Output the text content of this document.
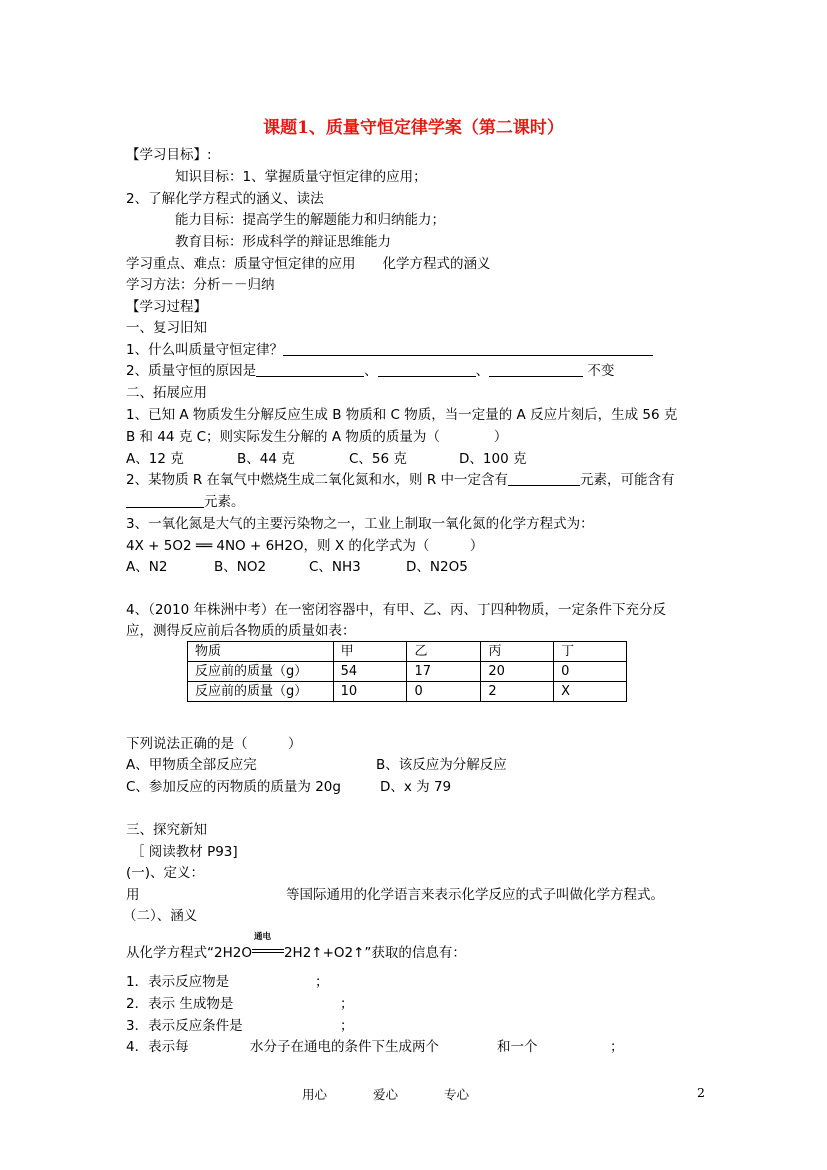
课题1、质量守恒定律学案（第二课时）
【学习目标】:
知识目标：1、掌握质量守恒定律的应用；
2、了解化学方程式的涵义、读法
能力目标：提高学生的解题能力和归纳能力；
教育目标：形成科学的辩证思维能力
学习重点、难点：质量守恒定律的应用　　化学方程式的涵义
学习方法：分析－－归纳
【学习过程】
一、复习旧知
1、什么叫质量守恒定律？
2、质量守恒的原因是	、	、	不变
二、拓展应用
1、已知 A 物质发生分解反应生成 B 物质和 C 物质，当一定量的 A 反应片刻后，生成 56 克
B 和 44 克 C；则实际发生分解的 A 物质的质量为（　　　　）
A、12 克	B、44 克	C、56 克	D、100 克
2、某物质 R 在氧气中燃烧生成二氧化氮和水，则 R 中一定含有	元素，可能含有
元素。
3、一氧化氮是大气的主要污染物之一，工业上制取一氧化氮的化学方程式为：
4X + 5O2 ══ 4NO + 6H2O，则 X 的化学式为（　　　）
A、N2	B、NO2	C、NH3	D、N2O5
4、（2010 年株洲中考）在一密闭容器中，有甲、乙、丙、丁四种物质，一定条件下充分反
应，测得反应前后各物质的质量如表：
物质	甲	乙	丙	丁
反应前的质量（g）	54	17	20	0
反应前的质量（g）	10	0	2	X
下列说法正确的是（　　　）
A、甲物质全部反应完	B、该反应为分解反应
C、参加反应的丙物质的质量为 20g	D、x 为 79
三、探究新知
［ 阅读教材 P93]
(一)、定义：
用	等国际通用的化学语言来表示化学反应的式子叫做化学方程式。
（二）、涵义
从化学方程式“2H2O
通电
2H2↑+O2↑”获取的信息有：
1．表示反应物是	；
2．表示 生成物是	；
3．表示反应条件是	；
4．表示每	水分子在通电的条件下生成两个	和一个	；
用心	爱心	专心	2
